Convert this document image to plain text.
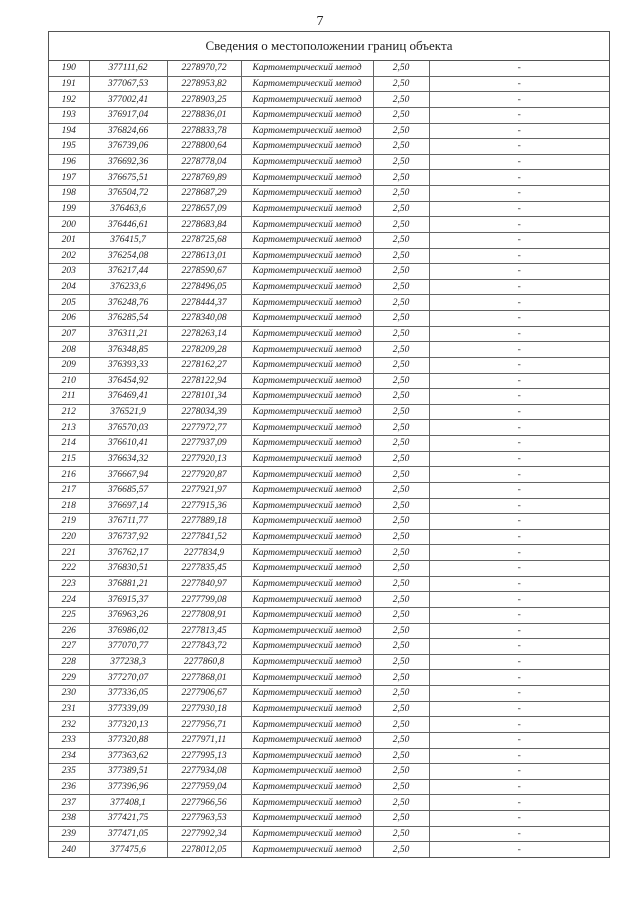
7
Сведения о местоположении границ объекта
190	377111,62	2278970,72	Картометрический метод	2,50	-
191	377067,53	2278953,82	Картометрический метод	2,50	-
192	377002,41	2278903,25	Картометрический метод	2,50	-
193	376917,04	2278836,01	Картометрический метод	2,50	-
194	376824,66	2278833,78	Картометрический метод	2,50	-
195	376739,06	2278800,64	Картометрический метод	2,50	-
196	376692,36	2278778,04	Картометрический метод	2,50	-
197	376675,51	2278769,89	Картометрический метод	2,50	-
198	376504,72	2278687,29	Картометрический метод	2,50	-
199	376463,6	2278657,09	Картометрический метод	2,50	-
200	376446,61	2278683,84	Картометрический метод	2,50	-
201	376415,7	2278725,68	Картометрический метод	2,50	-
202	376254,08	2278613,01	Картометрический метод	2,50	-
203	376217,44	2278590,67	Картометрический метод	2,50	-
204	376233,6	2278496,05	Картометрический метод	2,50	-
205	376248,76	2278444,37	Картометрический метод	2,50	-
206	376285,54	2278340,08	Картометрический метод	2,50	-
207	376311,21	2278263,14	Картометрический метод	2,50	-
208	376348,85	2278209,28	Картометрический метод	2,50	-
209	376393,33	2278162,27	Картометрический метод	2,50	-
210	376454,92	2278122,94	Картометрический метод	2,50	-
211	376469,41	2278101,34	Картометрический метод	2,50	-
212	376521,9	2278034,39	Картометрический метод	2,50	-
213	376570,03	2277972,77	Картометрический метод	2,50	-
214	376610,41	2277937,09	Картометрический метод	2,50	-
215	376634,32	2277920,13	Картометрический метод	2,50	-
216	376667,94	2277920,87	Картометрический метод	2,50	-
217	376685,57	2277921,97	Картометрический метод	2,50	-
218	376697,14	2277915,36	Картометрический метод	2,50	-
219	376711,77	2277889,18	Картометрический метод	2,50	-
220	376737,92	2277841,52	Картометрический метод	2,50	-
221	376762,17	2277834,9	Картометрический метод	2,50	-
222	376830,51	2277835,45	Картометрический метод	2,50	-
223	376881,21	2277840,97	Картометрический метод	2,50	-
224	376915,37	2277799,08	Картометрический метод	2,50	-
225	376963,26	2277808,91	Картометрический метод	2,50	-
226	376986,02	2277813,45	Картометрический метод	2,50	-
227	377070,77	2277843,72	Картометрический метод	2,50	-
228	377238,3	2277860,8	Картометрический метод	2,50	-
229	377270,07	2277868,01	Картометрический метод	2,50	-
230	377336,05	2277906,67	Картометрический метод	2,50	-
231	377339,09	2277930,18	Картометрический метод	2,50	-
232	377320,13	2277956,71	Картометрический метод	2,50	-
233	377320,88	2277971,11	Картометрический метод	2,50	-
234	377363,62	2277995,13	Картометрический метод	2,50	-
235	377389,51	2277934,08	Картометрический метод	2,50	-
236	377396,96	2277959,04	Картометрический метод	2,50	-
237	377408,1	2277966,56	Картометрический метод	2,50	-
238	377421,75	2277963,53	Картометрический метод	2,50	-
239	377471,05	2277992,34	Картометрический метод	2,50	-
240	377475,6	2278012,05	Картометрический метод	2,50	-
